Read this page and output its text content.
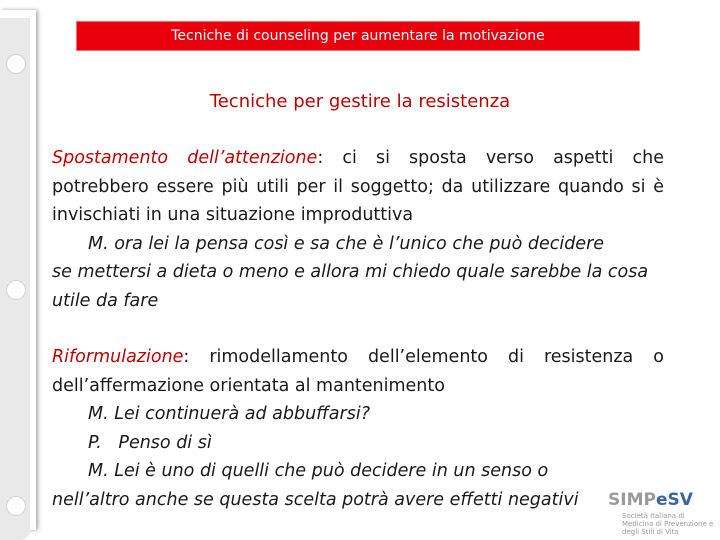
Tecniche di counseling per aumentare la motivazione
Tecniche per gestire la resistenza

Spostamento dell’attenzione: ci si sposta verso aspetti che potrebbero essere più utili per il soggetto; da utilizzare quando si è invischiati in una situazione improduttiva

M. ora lei la pensa così e sa che è l’unico che può decidere

se mettersi a dieta o meno e allora mi chiedo quale sarebbe la cosa utile da fare

Riformulazione: rimodellamento dell’elemento di resistenza o dell’affermazione orientata al mantenimento

M. Lei continuerà ad abbuffarsi?

P.   Penso di sì

M. Lei è uno di quelli che può decidere in un senso o

nell’altro anche se questa scelta potrà avere effetti negativi	SIMPeSV
Società Italiana di Medicina di Prevenzione e degli Stili di Vita
